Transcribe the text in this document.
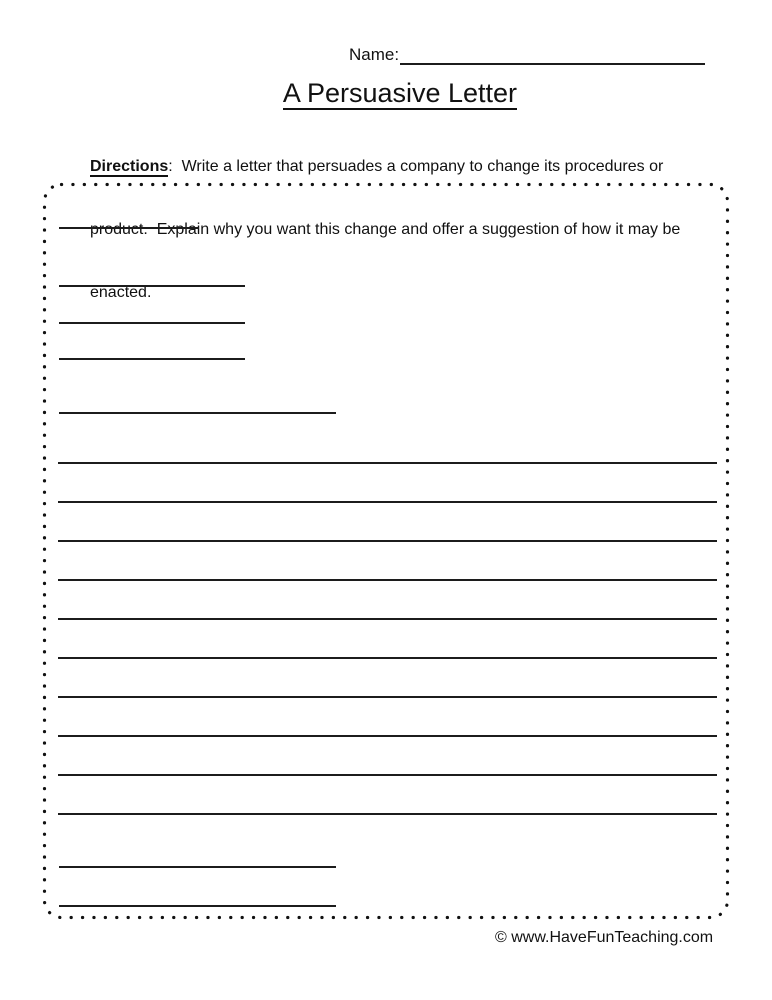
Name:
A Persuasive Letter

Directions:  Write a letter that persuades a company to change its procedures or

product.  Explain why you want this change and offer a suggestion of how it may be

enacted.

© www.HaveFunTeaching.com
